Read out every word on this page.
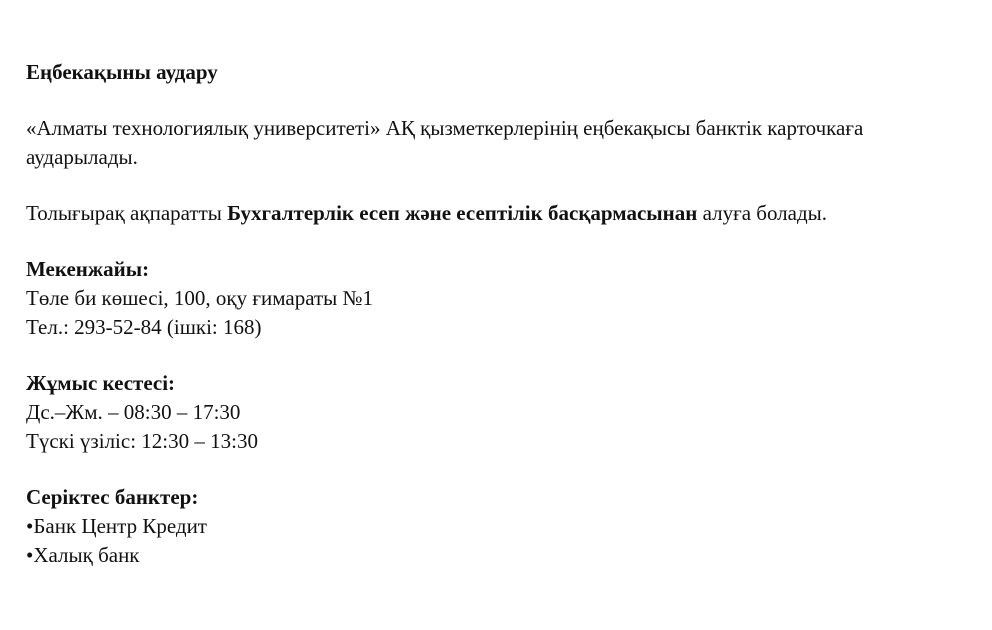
Еңбекақыны аудару

«Алматы технологиялық университеті» АҚ қызметкерлерінің еңбекақысы банктік карточкаға аударылады.

Толығырақ ақпаратты Бухгалтерлік есеп және есептілік басқармасынан алуға болады.

Мекенжайы:
Төле би көшесі, 100, оқу ғимараты №1
Тел.: 293-52-84 (ішкі: 168)
Жұмыс кестесі:
Дс.–Жм. – 08:30 – 17:30
Түскі үзіліс: 12:30 – 13:30
Серіктес банктер:
•Банк Центр Кредит
•Халық банк
